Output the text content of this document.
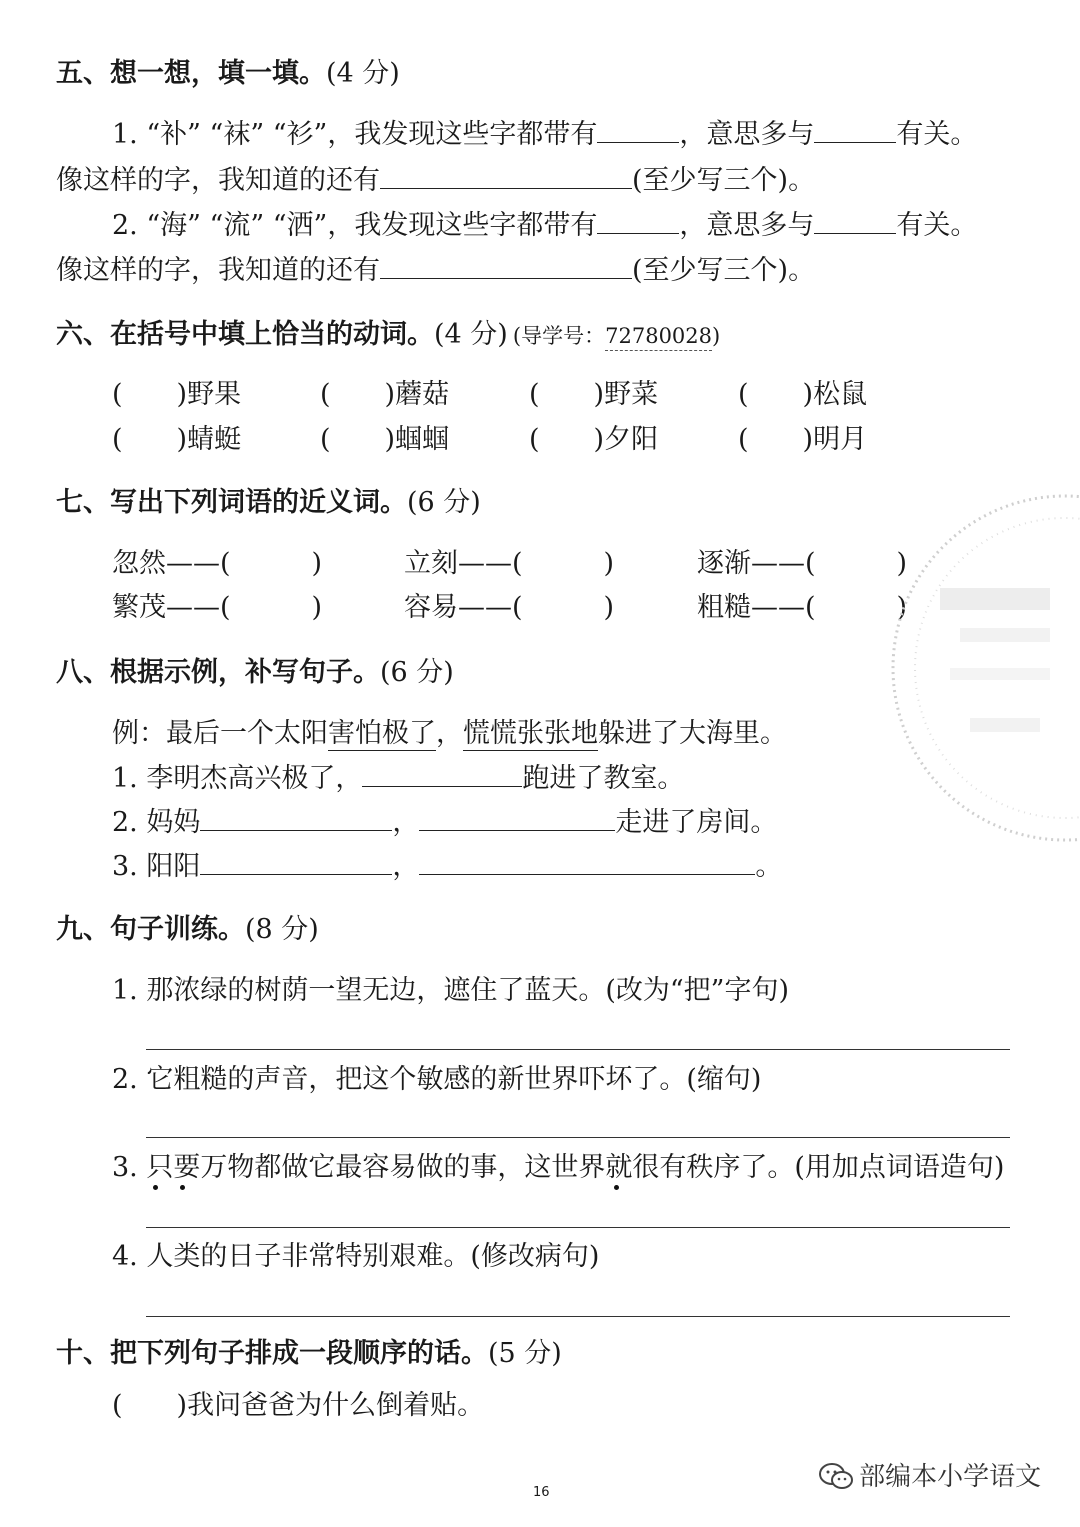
五、想一想，填一填。(4 分)
1. “补” “袜” “衫”，我发现这些字都带有	，意思多与	有关。
像这样的字，我知道的还有	(至少写三个)。
2. “海” “流” “洒”，我发现这些字都带有	，意思多与	有关。
像这样的字，我知道的还有	(至少写三个)。
六、在括号中填上恰当的动词。(4 分) (导学号：72780028)
(　　)野果	(　　)蘑菇	(　　)野菜	(　　)松鼠
(　　)蜻蜓	(　　)蝈蝈	(　　)夕阳	(　　)明月
七、写出下列词语的近义词。(6 分)
忽然——(　　　)	立刻——(　　　)	逐渐——(　　　)
繁茂——(　　　)	容易——(　　　)	粗糙——(　　　)
八、根据示例，补写句子。(6 分)
例：最后一个太阳害怕极了，慌慌张张地躲进了大海里。
1. 李明杰高兴极了，	跑进了教室。
2. 妈妈	，	走进了房间。
3. 阳阳	，	。
九、句子训练。(8 分)
1. 那浓绿的树荫一望无边，遮住了蓝天。(改为“把”字句)
2. 它粗糙的声音，把这个敏感的新世界吓坏了。(缩句)
3. 只要万物都做它最容易做的事，这世界就很有秩序了。(用加点词语造句)
4. 人类的日子非常特别艰难。(修改病句)
十、把下列句子排成一段顺序的话。(5 分)
(　　)我问爸爸为什么倒着贴。
16
部编本小学语文
